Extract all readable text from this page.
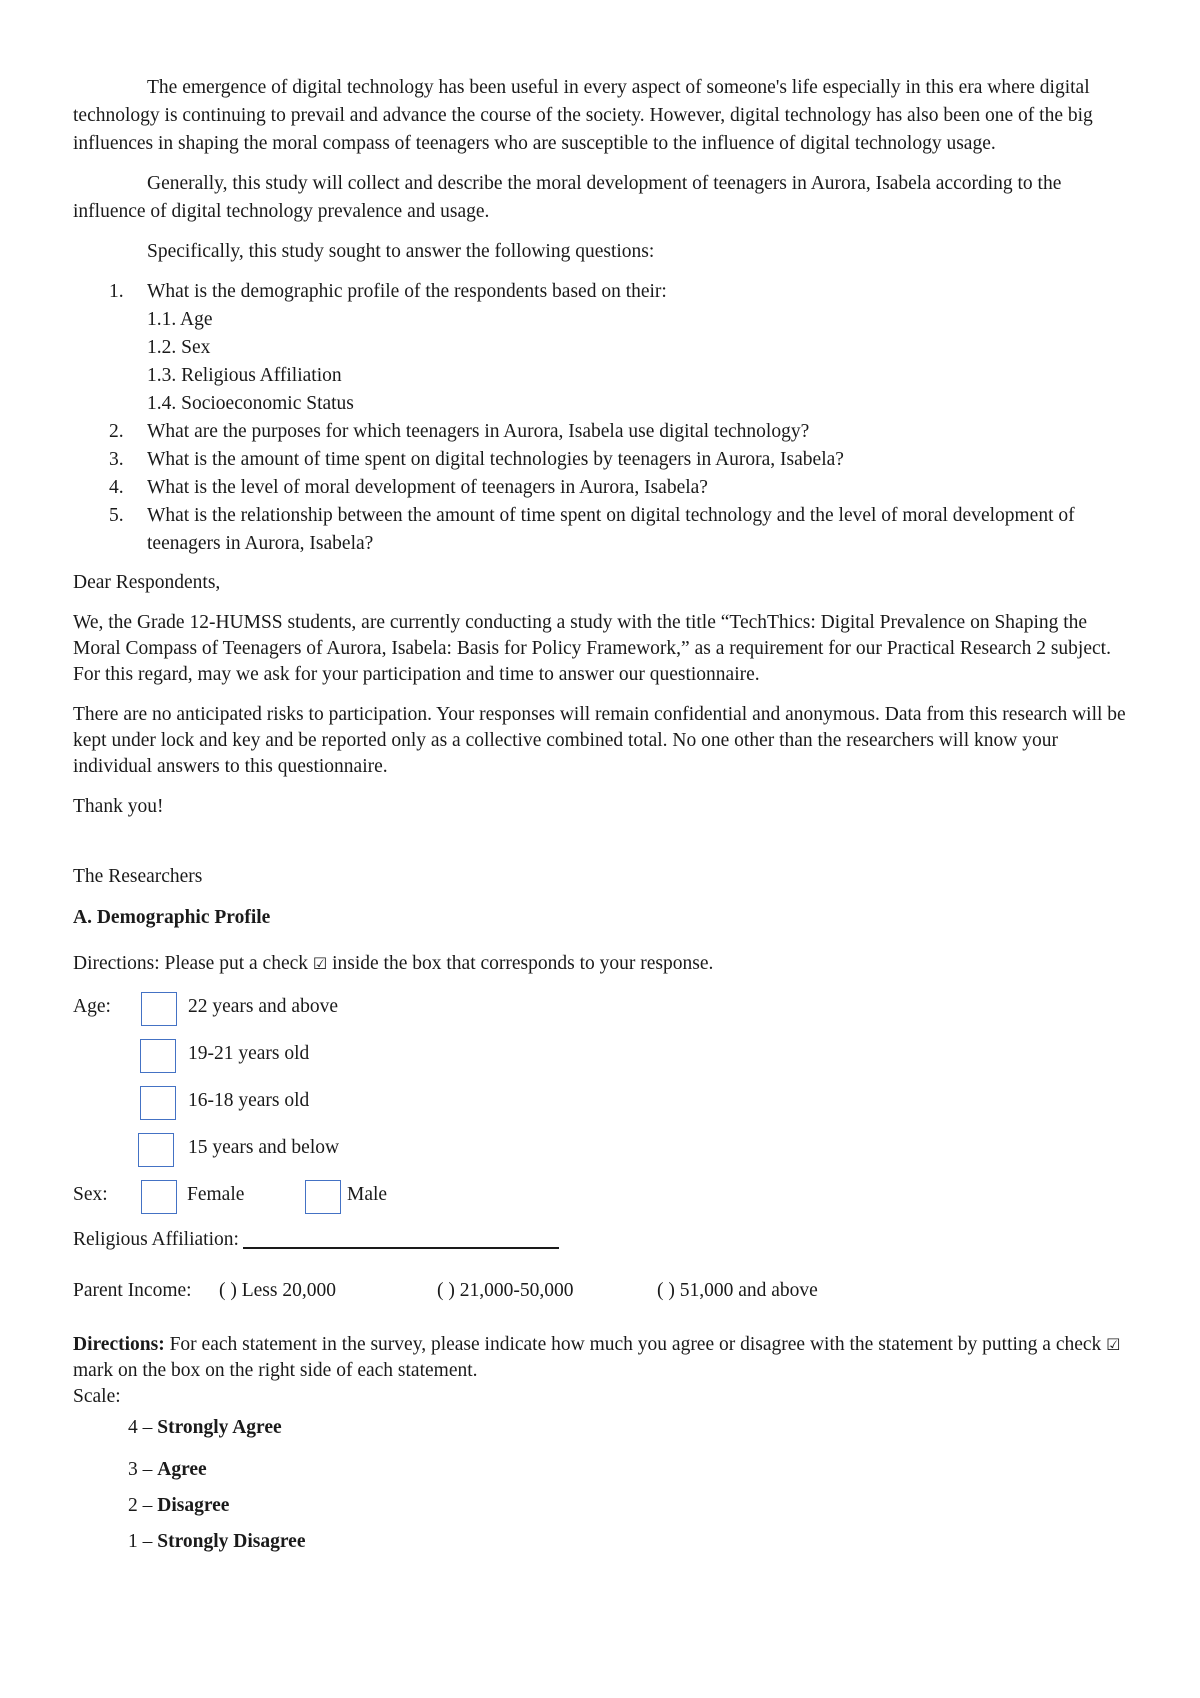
The emergence of digital technology has been useful in every aspect of someone's life especially in this era where digital technology is continuing to prevail and advance the course of the society. However, digital technology has also been one of the big influences in shaping the moral compass of teenagers who are susceptible to the influence of digital technology usage.

Generally, this study will collect and describe the moral development of teenagers in Aurora, Isabela according to the influence of digital technology prevalence and usage.

Specifically, this study sought to answer the following questions:

1. What is the demographic profile of the respondents based on their:
1.1. Age
1.2. Sex
1.3. Religious Affiliation
1.4. Socioeconomic Status
2. What are the purposes for which teenagers in Aurora, Isabela use digital technology?
3. What is the amount of time spent on digital technologies by teenagers in Aurora, Isabela?
4. What is the level of moral development of teenagers in Aurora, Isabela?
5. What is the relationship between the amount of time spent on digital technology and the level of moral development of teenagers in Aurora, Isabela?

Dear Respondents,

We, the Grade 12-HUMSS students, are currently conducting a study with the title “TechThics: Digital Prevalence on Shaping the Moral Compass of Teenagers of Aurora, Isabela: Basis for Policy Framework,” as a requirement for our Practical Research 2 subject. For this regard, may we ask for your participation and time to answer our questionnaire.

There are no anticipated risks to participation. Your responses will remain confidential and anonymous. Data from this research will be kept under lock and key and be reported only as a collective combined total. No one other than the researchers will know your individual answers to this questionnaire.

Thank you!

The Researchers

A. Demographic Profile

Directions: Please put a check ☑ inside the box that corresponds to your response.

Age:	22 years and above
19-21 years old
16-18 years old
15 years and below
Sex:	Female	Male

Religious Affiliation:

Parent Income: ( ) Less 20,000	( ) 21,000-50,000	( ) 51,000 and above

Directions: For each statement in the survey, please indicate how much you agree or disagree with the statement by putting a check ☑ mark on the box on the right side of each statement.

Scale:

4 – Strongly Agree

3 – Agree

2 – Disagree

1 – Strongly Disagree
